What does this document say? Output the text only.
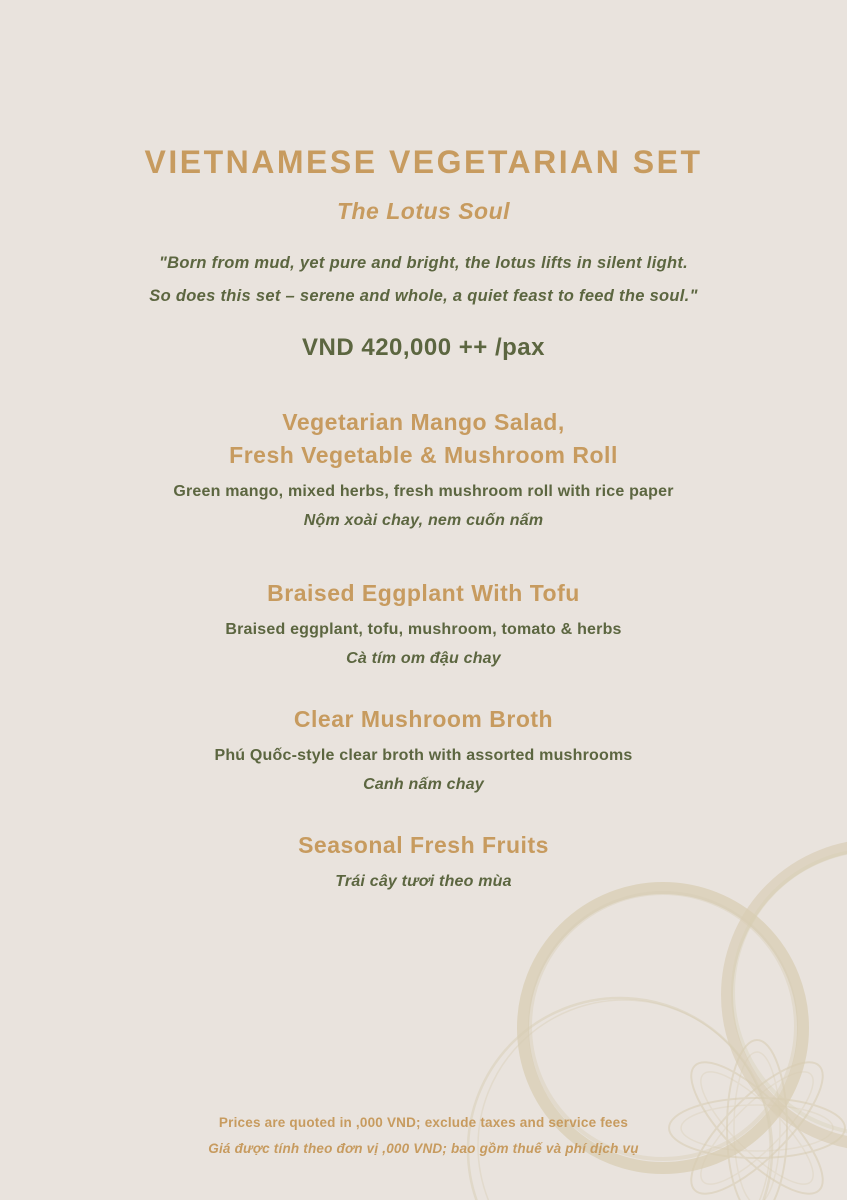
VIETNAMESE VEGETARIAN SET
The Lotus Soul
"Born from mud, yet pure and bright, the lotus lifts in silent light.
So does this set – serene and whole, a quiet feast to feed the soul."
VND 420,000 ++ /pax
Vegetarian Mango Salad,
Fresh Vegetable & Mushroom Roll
Green mango, mixed herbs, fresh mushroom roll with rice paper
Nộm xoài chay, nem cuốn nấm
Braised Eggplant With Tofu
Braised eggplant, tofu, mushroom, tomato & herbs
Cà tím om đậu chay
Clear Mushroom Broth
Phú Quốc-style clear broth with assorted mushrooms
Canh nấm chay
Seasonal Fresh Fruits
Trái cây tươi theo mùa
Prices are quoted in ,000 VND; exclude taxes and service fees
Giá được tính theo đơn vị ,000 VND; bao gồm thuế và phí dịch vụ
